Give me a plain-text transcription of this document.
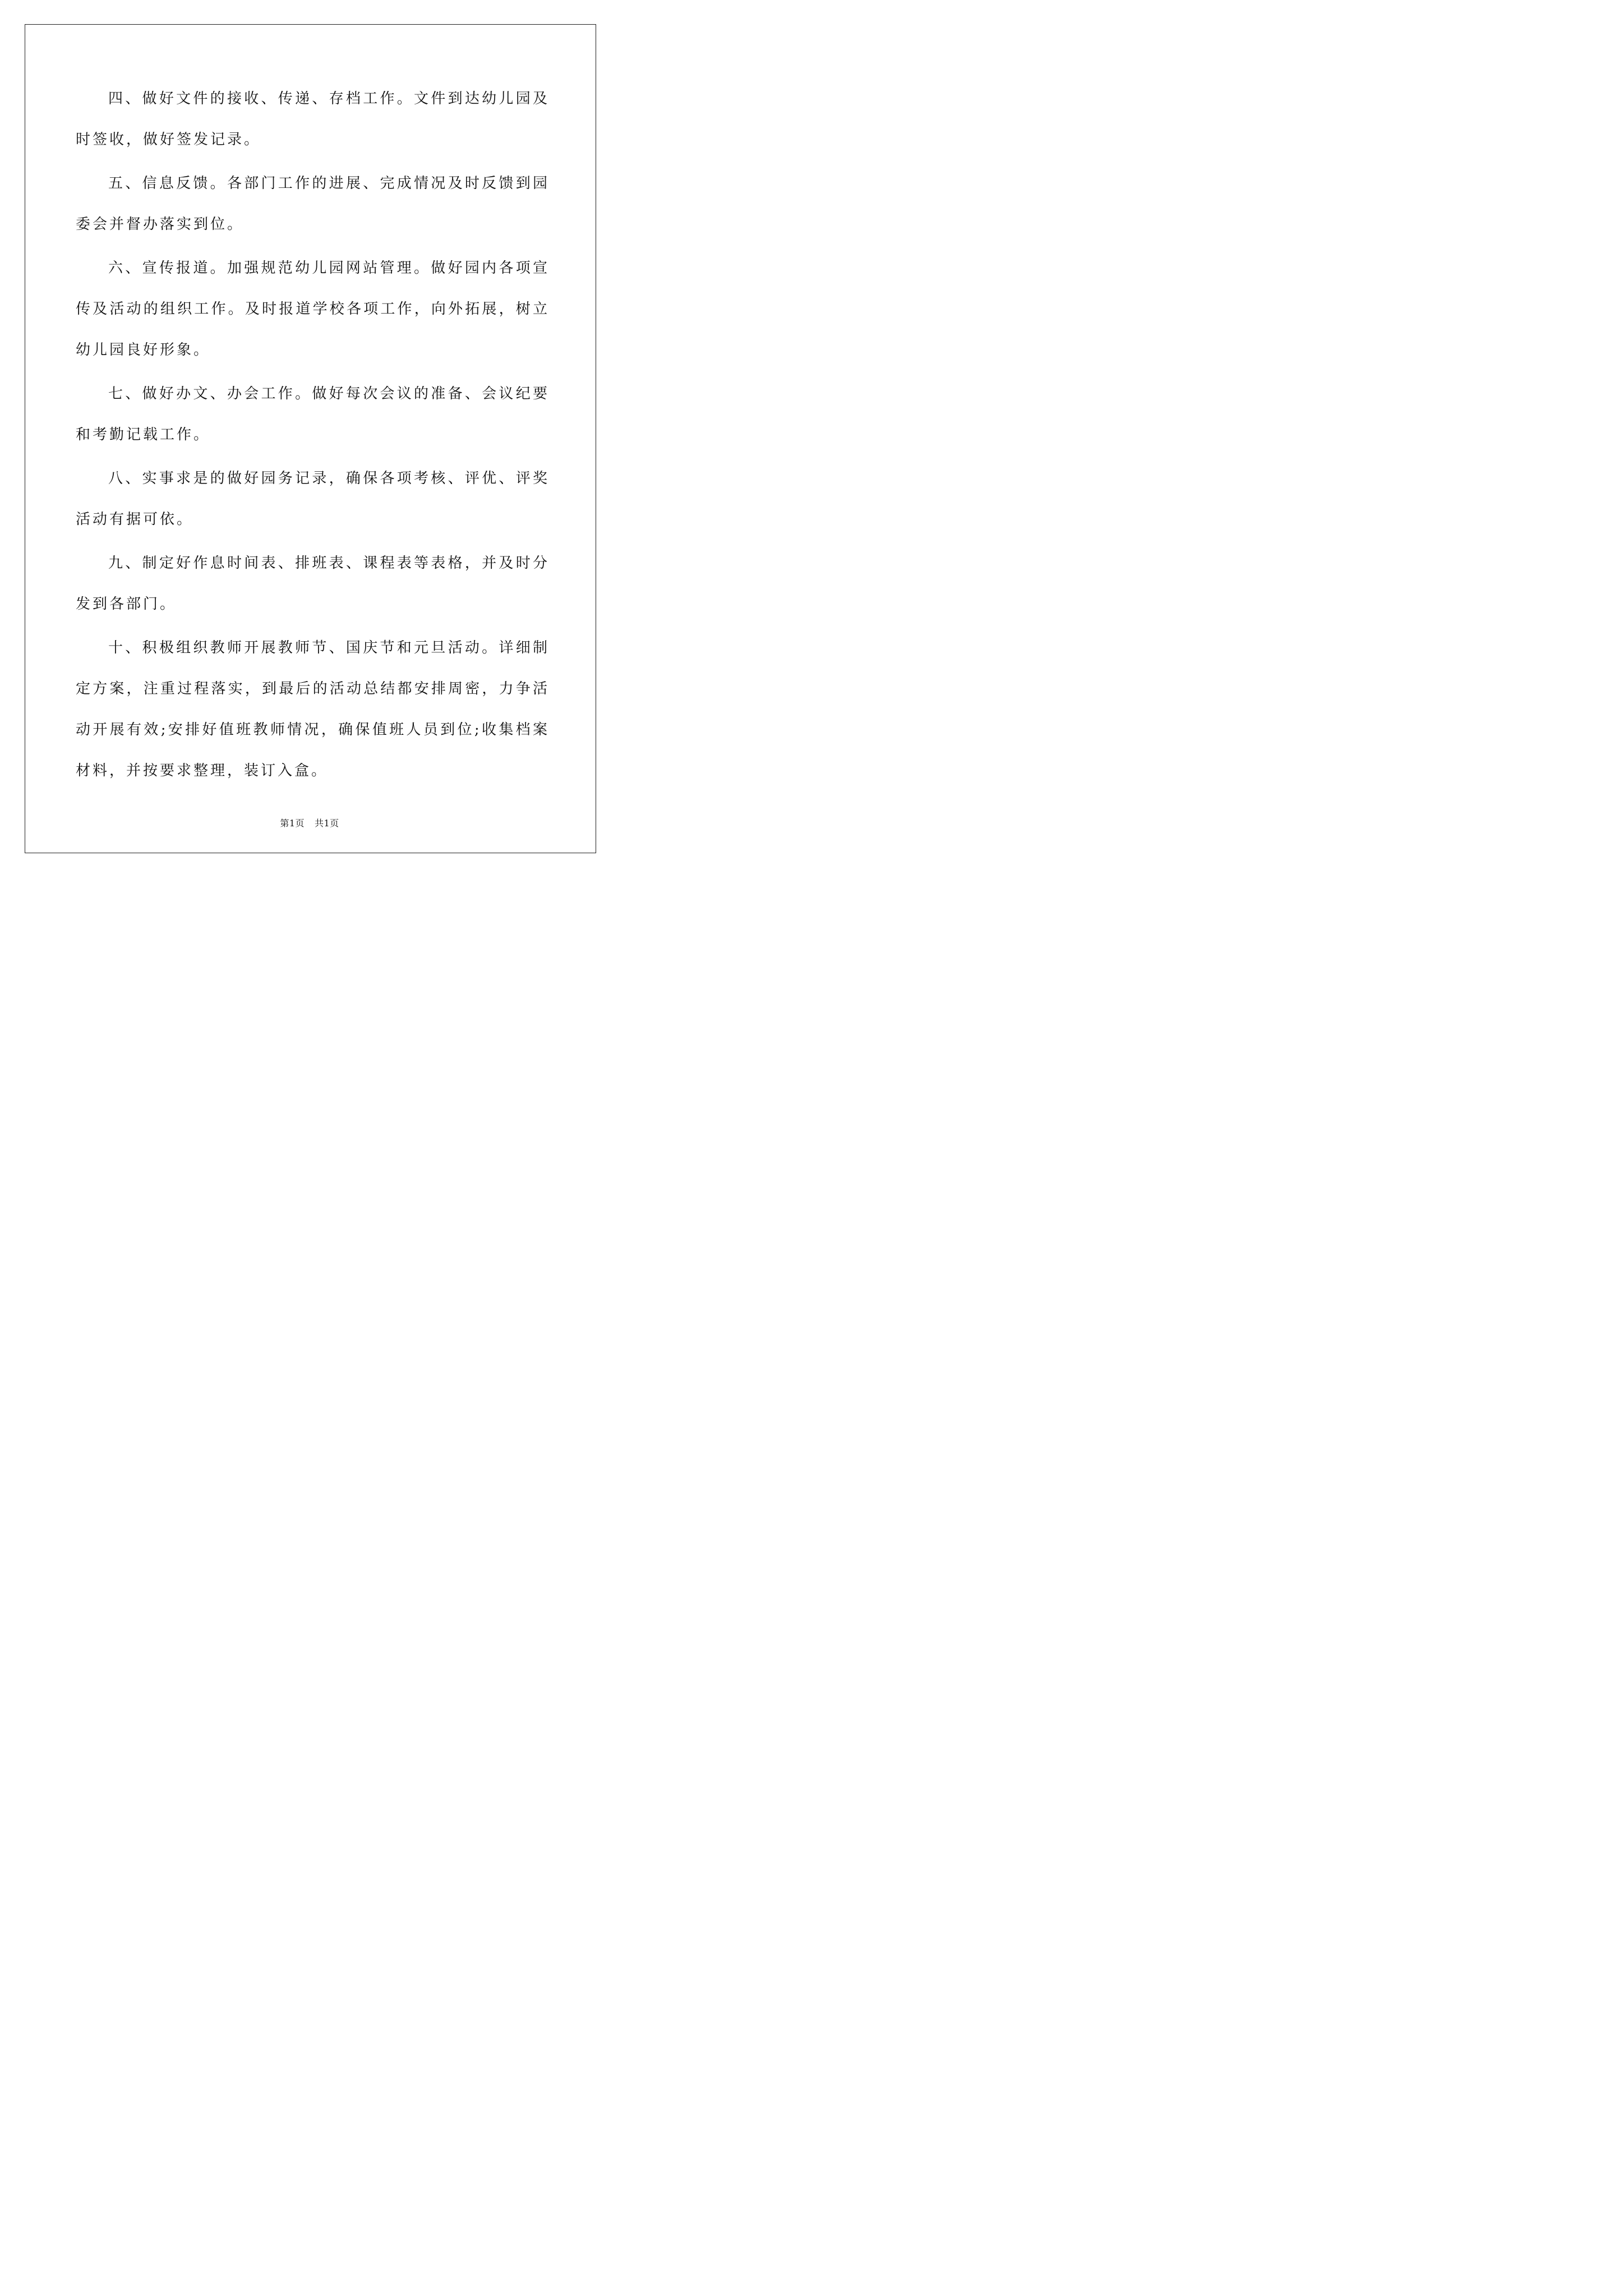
四、做好文件的接收、传递、存档工作。文件到达幼儿园及时签收，做好签发记录。

五、信息反馈。各部门工作的进展、完成情况及时反馈到园委会并督办落实到位。

六、宣传报道。加强规范幼儿园网站管理。做好园内各项宣传及活动的组织工作。及时报道学校各项工作，向外拓展，树立幼儿园良好形象。

七、做好办文、办会工作。做好每次会议的准备、会议纪要和考勤记载工作。

八、实事求是的做好园务记录，确保各项考核、评优、评奖活动有据可依。

九、制定好作息时间表、排班表、课程表等表格，并及时分发到各部门。

十、积极组织教师开展教师节、国庆节和元旦活动。详细制定方案，注重过程落实，到最后的活动总结都安排周密，力争活动开展有效;安排好值班教师情况，确保值班人员到位;收集档案材料，并按要求整理，装订入盒。

第1页 共1页
